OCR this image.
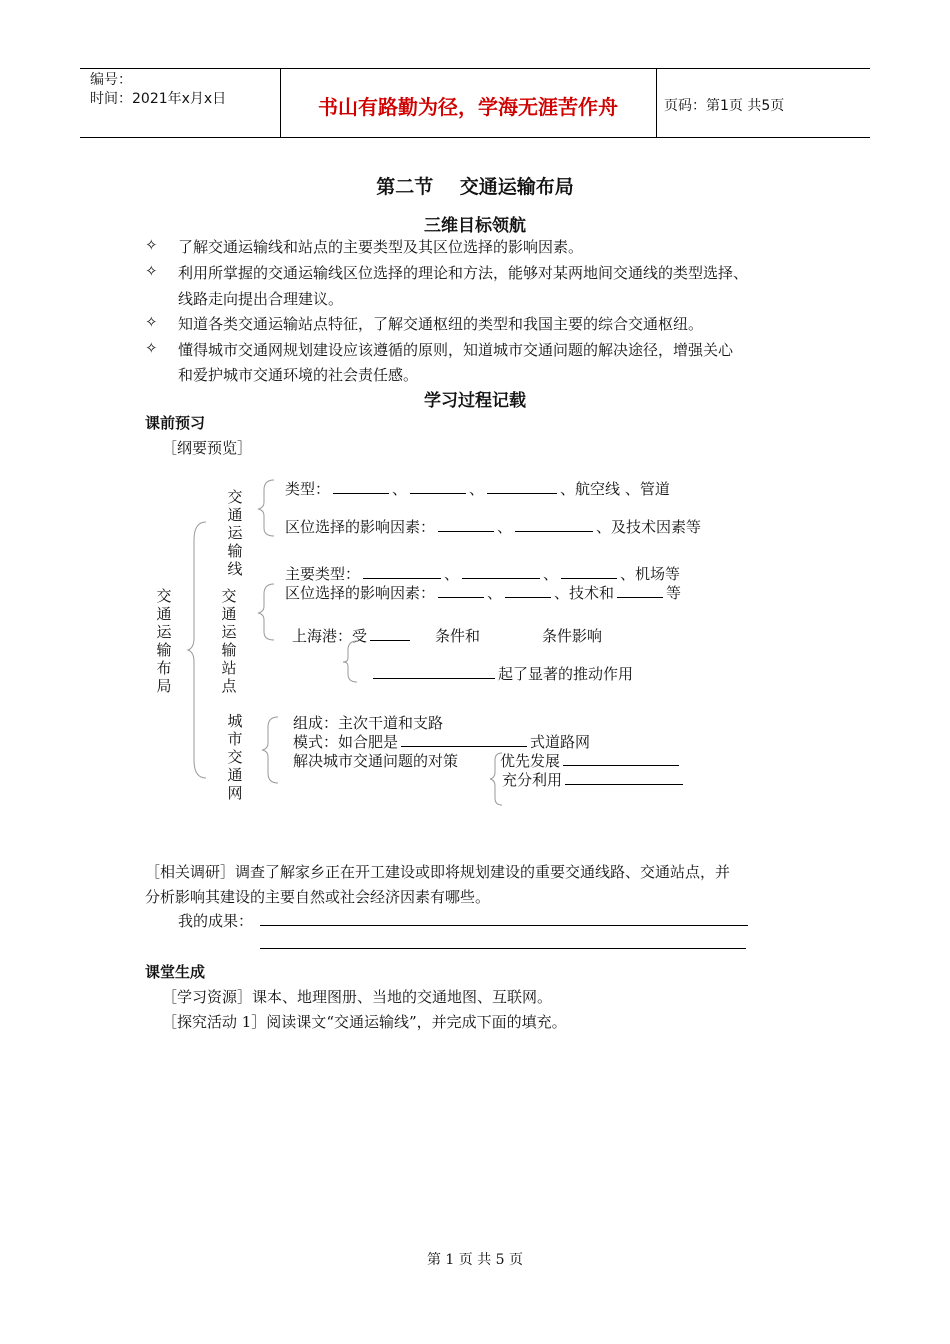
编号：
时间：2021年x月x日	书山有路勤为径，学海无涯苦作舟	页码：第1页 共5页
第二节    交通运输布局
三维目标领航
✧ 了解交通运输线和站点的主要类型及其区位选择的影响因素。
✧ 利用所掌握的交通运输线区位选择的理论和方法，能够对某两地间交通线的类型选择、
线路走向提出合理建议。
✧ 知道各类交通运输站点特征，了解交通枢纽的类型和我国主要的综合交通枢纽。
✧ 懂得城市交通网规划建设应该遵循的原则，知道城市交通问题的解决途径，增强关心
和爱护城市交通环境的社会责任感。
学习过程记载
课前预习
［纲要预览］
交通运输布局
交通运输线
交通运输站点
城市交通网
类型：	、	、	、航空线 、管道
区位选择的影响因素：	、	、及技术因素等
主要类型：	、	、	、机场等
区位选择的影响因素：	、	、技术和	等
上海港：受	条件和	条件影响
起了显著的推动作用
组成：主次干道和支路
模式：如合肥是	式道路网
解决城市交通问题的对策	优先发展
充分利用
［相关调研］调查了解家乡正在开工建设或即将规划建设的重要交通线路、交通站点，并
分析影响其建设的主要自然或社会经济因素有哪些。
我的成果：
课堂生成
［学习资源］课本、地理图册、当地的交通地图、互联网。
［探究活动 1］阅读课文“交通运输线”，并完成下面的填充。
第 1 页 共 5 页
